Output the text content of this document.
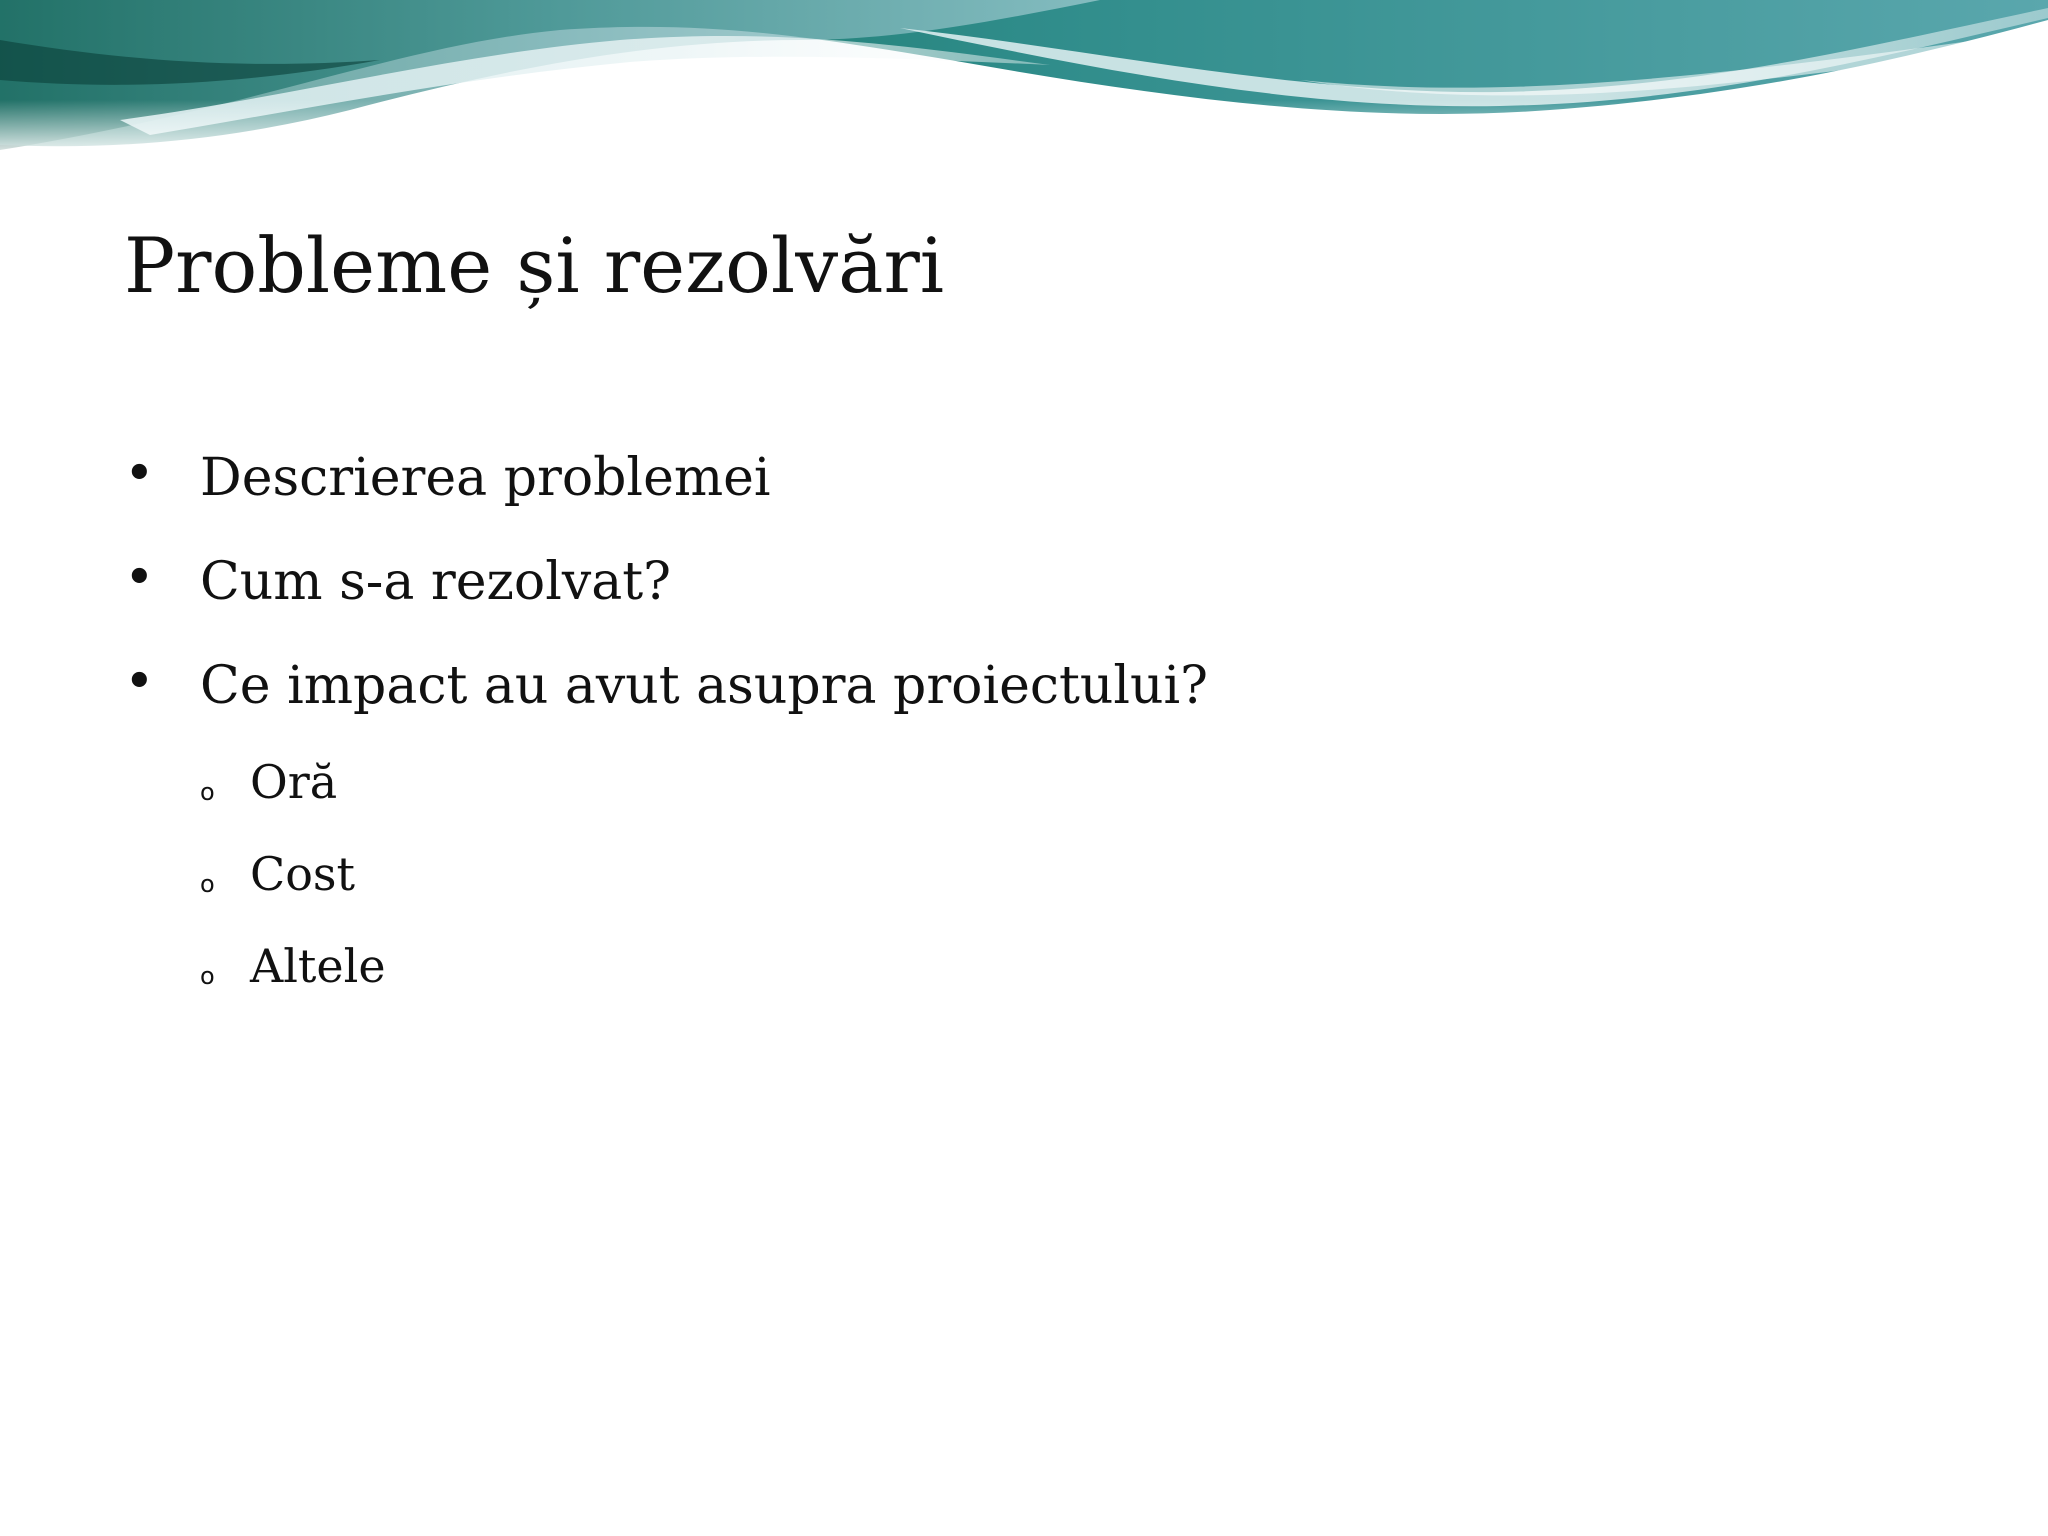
Probleme și rezolvări
• Descrierea problemei
• Cum s-a rezolvat?
• Ce impact au avut asupra proiectului?
o Oră
o Cost
o Altele
